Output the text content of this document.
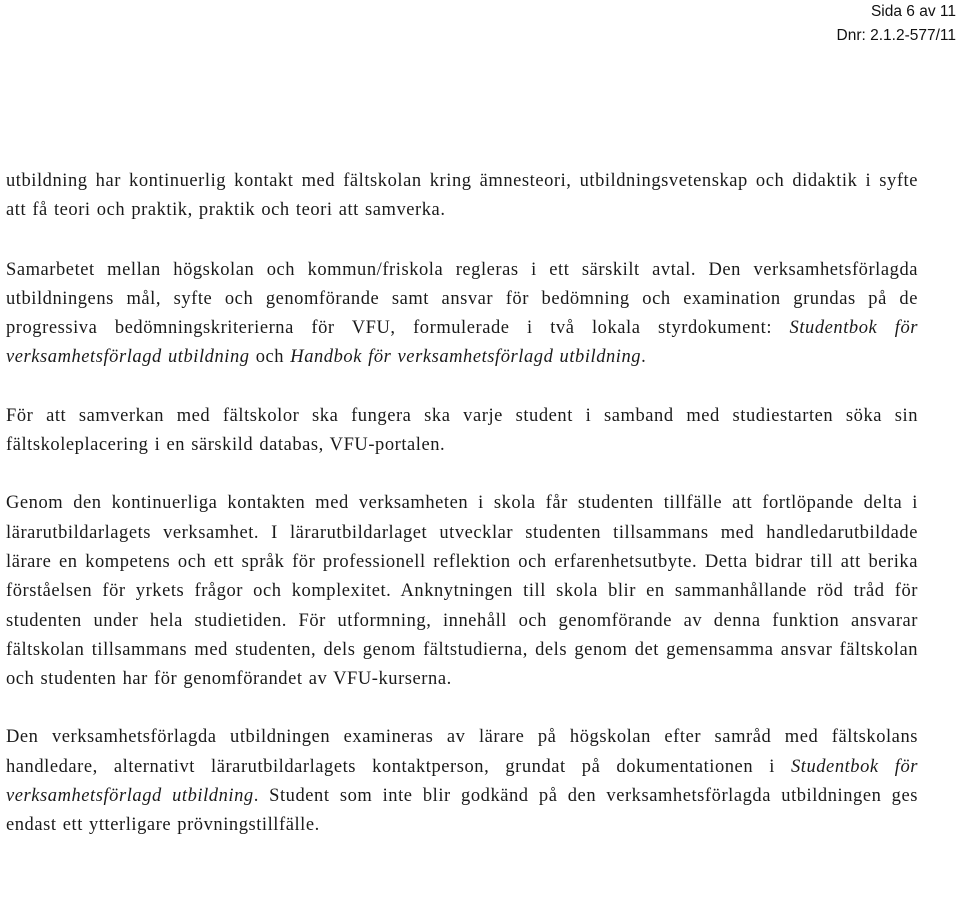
Sida 6 av 11
Dnr: 2.1.2-577/11

utbildning har kontinuerlig kontakt med fältskolan kring ämnesteori, utbildningsvetenskap och didaktik i syfte att få teori och praktik, praktik och teori att samverka.

Samarbetet mellan högskolan och kommun/friskola regleras i ett särskilt avtal. Den verksamhetsförlagda utbildningens mål, syfte och genomförande samt ansvar för bedömning och examination grundas på de progressiva bedömningskriterierna för VFU, formulerade i två lokala styrdokument: Studentbok för verksamhetsförlagd utbildning och Handbok för verksamhetsförlagd utbildning.

För att samverkan med fältskolor ska fungera ska varje student i samband med studiestarten söka sin fältskoleplacering i en särskild databas, VFU-portalen.

Genom den kontinuerliga kontakten med verksamheten i skola får studenten tillfälle att fortlöpande delta i lärarutbildarlagets verksamhet. I lärarutbildarlaget utvecklar studenten tillsammans med handledarutbildade lärare en kompetens och ett språk för professionell reflektion och erfarenhetsutbyte. Detta bidrar till att berika förståelsen för yrkets frågor och komplexitet. Anknytningen till skola blir en sammanhållande röd tråd för studenten under hela studietiden. För utformning, innehåll och genomförande av denna funktion ansvarar fältskolan tillsammans med studenten, dels genom fältstudierna, dels genom det gemensamma ansvar fältskolan och studenten har för genomförandet av VFU-kurserna.

Den verksamhetsförlagda utbildningen examineras av lärare på högskolan efter samråd med fältskolans handledare, alternativt lärarutbildarlagets kontaktperson, grundat på dokumentationen i Studentbok för verksamhetsförlagd utbildning. Student som inte blir godkänd på den verksamhetsförlagda utbildningen ges endast ett ytterligare prövningstillfälle.
